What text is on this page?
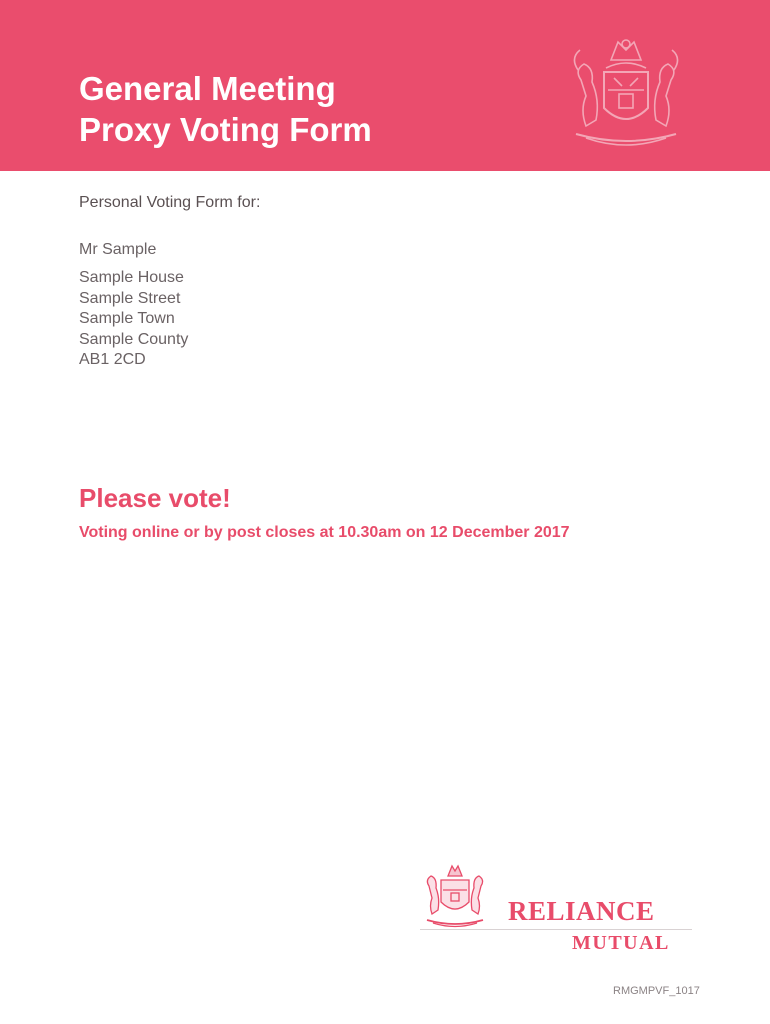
General Meeting
Proxy Voting Form
Personal Voting Form for:
Mr Sample
Sample House
Sample Street
Sample Town
Sample County
AB1 2CD
Please vote!
Voting online or by post closes at 10.30am on 12 December 2017
RELIANCE
MUTUAL
RMGMPVF_1017
